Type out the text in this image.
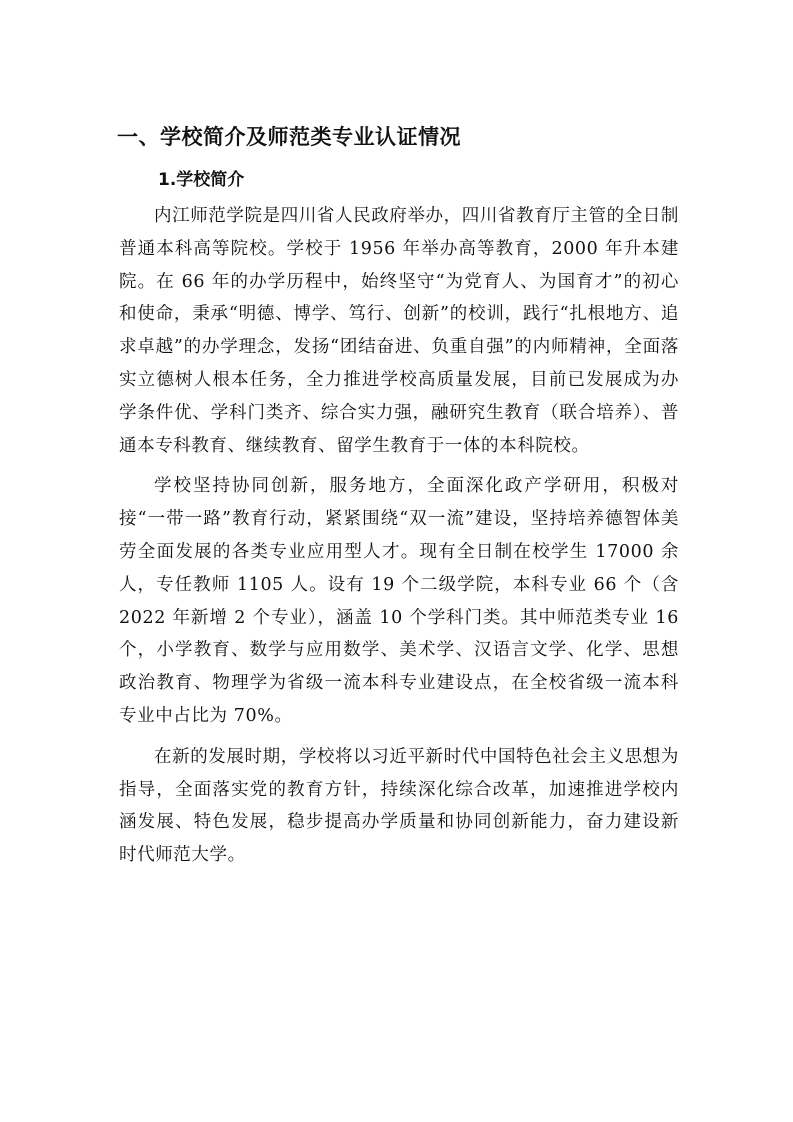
一、学校简介及师范类专业认证情况
1.学校简介

内江师范学院是四川省人民政府举办，四川省教育厅主管的全日制普通本科高等院校。学校于 1956 年举办高等教育，2000 年升本建院。在 66 年的办学历程中，始终坚守“为党育人、为国育才”的初心和使命，秉承“明德、博学、笃行、创新”的校训，践行“扎根地方、追求卓越”的办学理念，发扬“团结奋进、负重自强”的内师精神，全面落实立德树人根本任务，全力推进学校高质量发展，目前已发展成为办学条件优、学科门类齐、综合实力强，融研究生教育（联合培养）、普通本专科教育、继续教育、留学生教育于一体的本科院校。

学校坚持协同创新，服务地方，全面深化政产学研用，积极对接“一带一路”教育行动，紧紧围绕“双一流”建设，坚持培养德智体美劳全面发展的各类专业应用型人才。现有全日制在校学生 17000 余人，专任教师 1105 人。设有 19 个二级学院，本科专业 66 个（含 2022 年新增 2 个专业），涵盖 10 个学科门类。其中师范类专业 16 个，小学教育、数学与应用数学、美术学、汉语言文学、化学、思想政治教育、物理学为省级一流本科专业建设点，在全校省级一流本科专业中占比为 70%。

在新的发展时期，学校将以习近平新时代中国特色社会主义思想为指导，全面落实党的教育方针，持续深化综合改革，加速推进学校内涵发展、特色发展，稳步提高办学质量和协同创新能力，奋力建设新时代师范大学。
